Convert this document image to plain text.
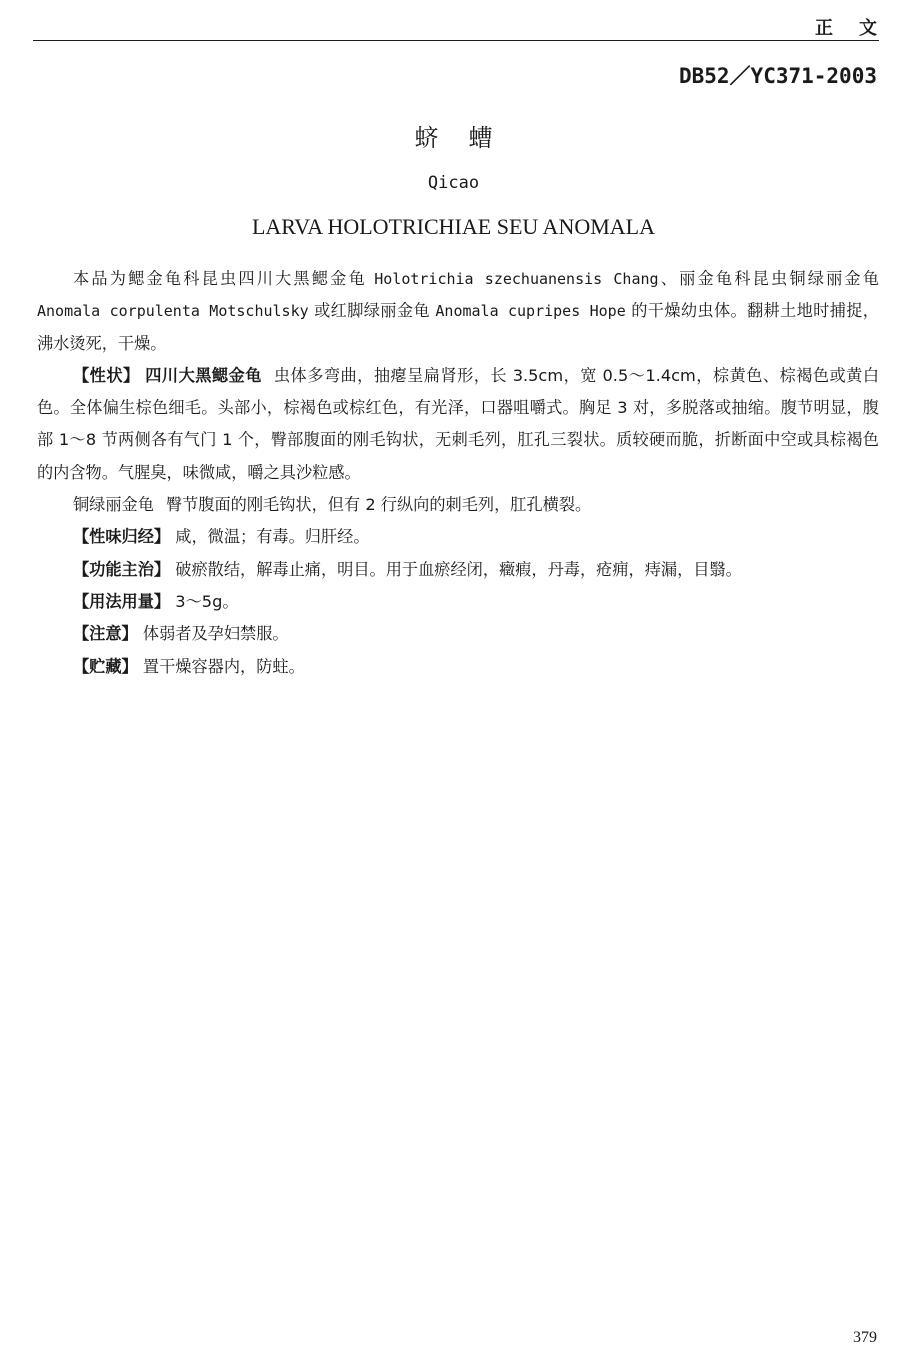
正文
DB52／YC371-2003
蛴螬
Qicao
LARVA HOLOTRICHIAE SEU ANOMALA

本品为鳃金龟科昆虫四川大黑鳃金龟 Holotrichia szechuanensis Chang、丽金龟科昆虫铜绿丽金龟 Anomala corpulenta Motschulsky 或红脚绿丽金龟 Anomala cupripes Hope 的干燥幼虫体。翻耕土地时捕捉，沸水烫死，干燥。

【性状】 四川大黑鳃金龟 虫体多弯曲，抽瘪呈扁肾形，长 3.5cm，宽 0.5～1.4cm，棕黄色、棕褐色或黄白色。全体偏生棕色细毛。头部小，棕褐色或棕红色，有光泽，口器咀嚼式。胸足 3 对，多脱落或抽缩。腹节明显，腹部 1～8 节两侧各有气门 1 个，臀部腹面的刚毛钩状，无刺毛列，肛孔三裂状。质较硬而脆，折断面中空或具棕褐色的内含物。气腥臭，味微咸，嚼之具沙粒感。

铜绿丽金龟 臀节腹面的刚毛钩状，但有 2 行纵向的刺毛列，肛孔横裂。

【性味归经】 咸，微温；有毒。归肝经。

【功能主治】 破瘀散结，解毒止痛，明目。用于血瘀经闭，癥瘕，丹毒，疮痈，痔漏，目翳。

【用法用量】 3～5g。

【注意】 体弱者及孕妇禁服。

【贮藏】 置干燥容器内，防蛀。

379
